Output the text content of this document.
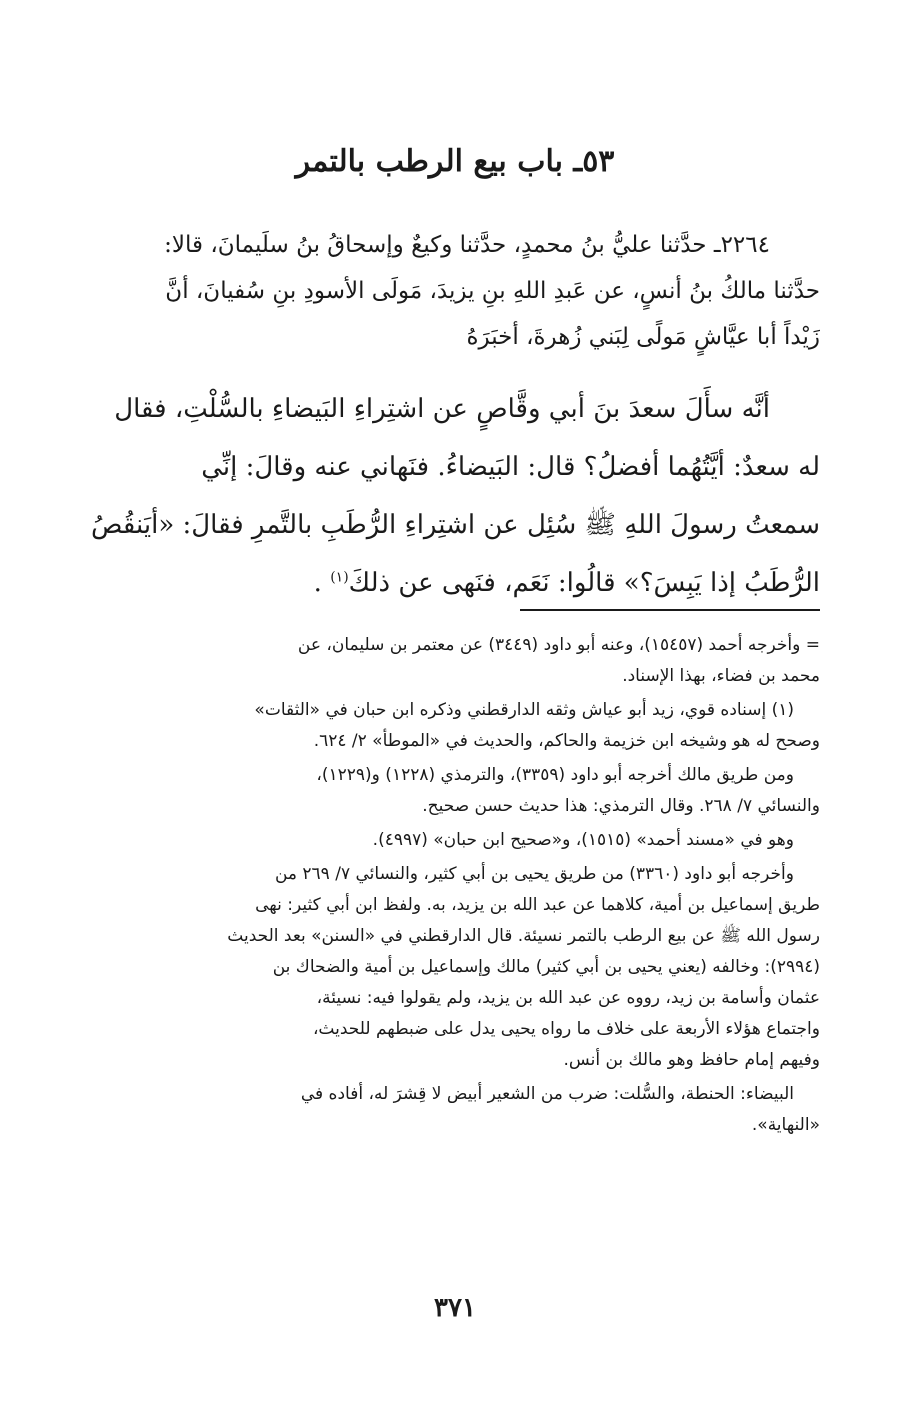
٥٣ـ باب بيع الرطب بالتمر
٢٢٦٤ـ حدَّثنا عليُّ بنُ محمدٍ، حدَّثنا وكيعٌ وإسحاقُ بنُ سلَيمانَ، قالا:
حدَّثنا مالكُ بنُ أنسٍ، عن عَبدِ اللهِ بنِ يزيدَ، مَولَى الأسودِ بنِ سُفيانَ، أنَّ
زَيْداً أبا عيَّاشٍ مَولًى لِبَني زُهرةَ، أخبَرَهُ
أنَّه سأَلَ سعدَ بنَ أبي وقَّاصٍ عن اشتِراءِ البَيضاءِ بالسُّلْتِ، فقال
له سعدٌ: أيَّتُهُما أفضلُ؟ قال: البَيضاءُ. فنَهاني عنه وقالَ: إنِّي
سمعتُ رسولَ اللهِ ﷺ سُئِل عن اشتِراءِ الرُّطَبِ بالتَّمرِ فقالَ: «أيَنقُصُ
الرُّطَبُ إذا يَبِسَ؟» قالُوا: نَعَم، فنَهى عن ذلكَ$^{(١)}$ .
= وأخرجه أحمد (١٥٤٥٧)، وعنه أبو داود (٣٤٤٩) عن معتمر بن سليمان، عن
محمد بن فضاء، بهذا الإسناد.
(١) إسناده قوي، زيد أبو عياش وثقه الدارقطني وذكره ابن حبان في «الثقات»
وصحح له هو وشيخه ابن خزيمة والحاكم، والحديث في «الموطأ» ٢/ ٦٢٤.
ومن طريق مالك أخرجه أبو داود (٣٣٥٩)، والترمذي (١٢٢٨) و(١٢٢٩)،
والنسائي ٧/ ٢٦٨. وقال الترمذي: هذا حديث حسن صحيح.
وهو في «مسند أحمد» (١٥١٥)، و«صحيح ابن حبان» (٤٩٩٧).
وأخرجه أبو داود (٣٣٦٠) من طريق يحيى بن أبي كثير، والنسائي ٧/ ٢٦٩ من
طريق إسماعيل بن أمية، كلاهما عن عبد الله بن يزيد، به. ولفظ ابن أبي كثير: نهى
رسول الله ﷺ عن بيع الرطب بالتمر نسيئة. قال الدارقطني في «السنن» بعد الحديث
(٢٩٩٤): وخالفه (يعني يحيى بن أبي كثير) مالك وإسماعيل بن أمية والضحاك بن
عثمان وأسامة بن زيد، رووه عن عبد الله بن يزيد، ولم يقولوا فيه: نسيئة،
واجتماع هؤلاء الأربعة على خلاف ما رواه يحيى يدل على ضبطهم للحديث،
وفيهم إمام حافظ وهو مالك بن أنس.
البيضاء: الحنطة، والسُّلت: ضرب من الشعير أبيض لا قِشرَ له، أفاده في
«النهاية».
٣٧١
